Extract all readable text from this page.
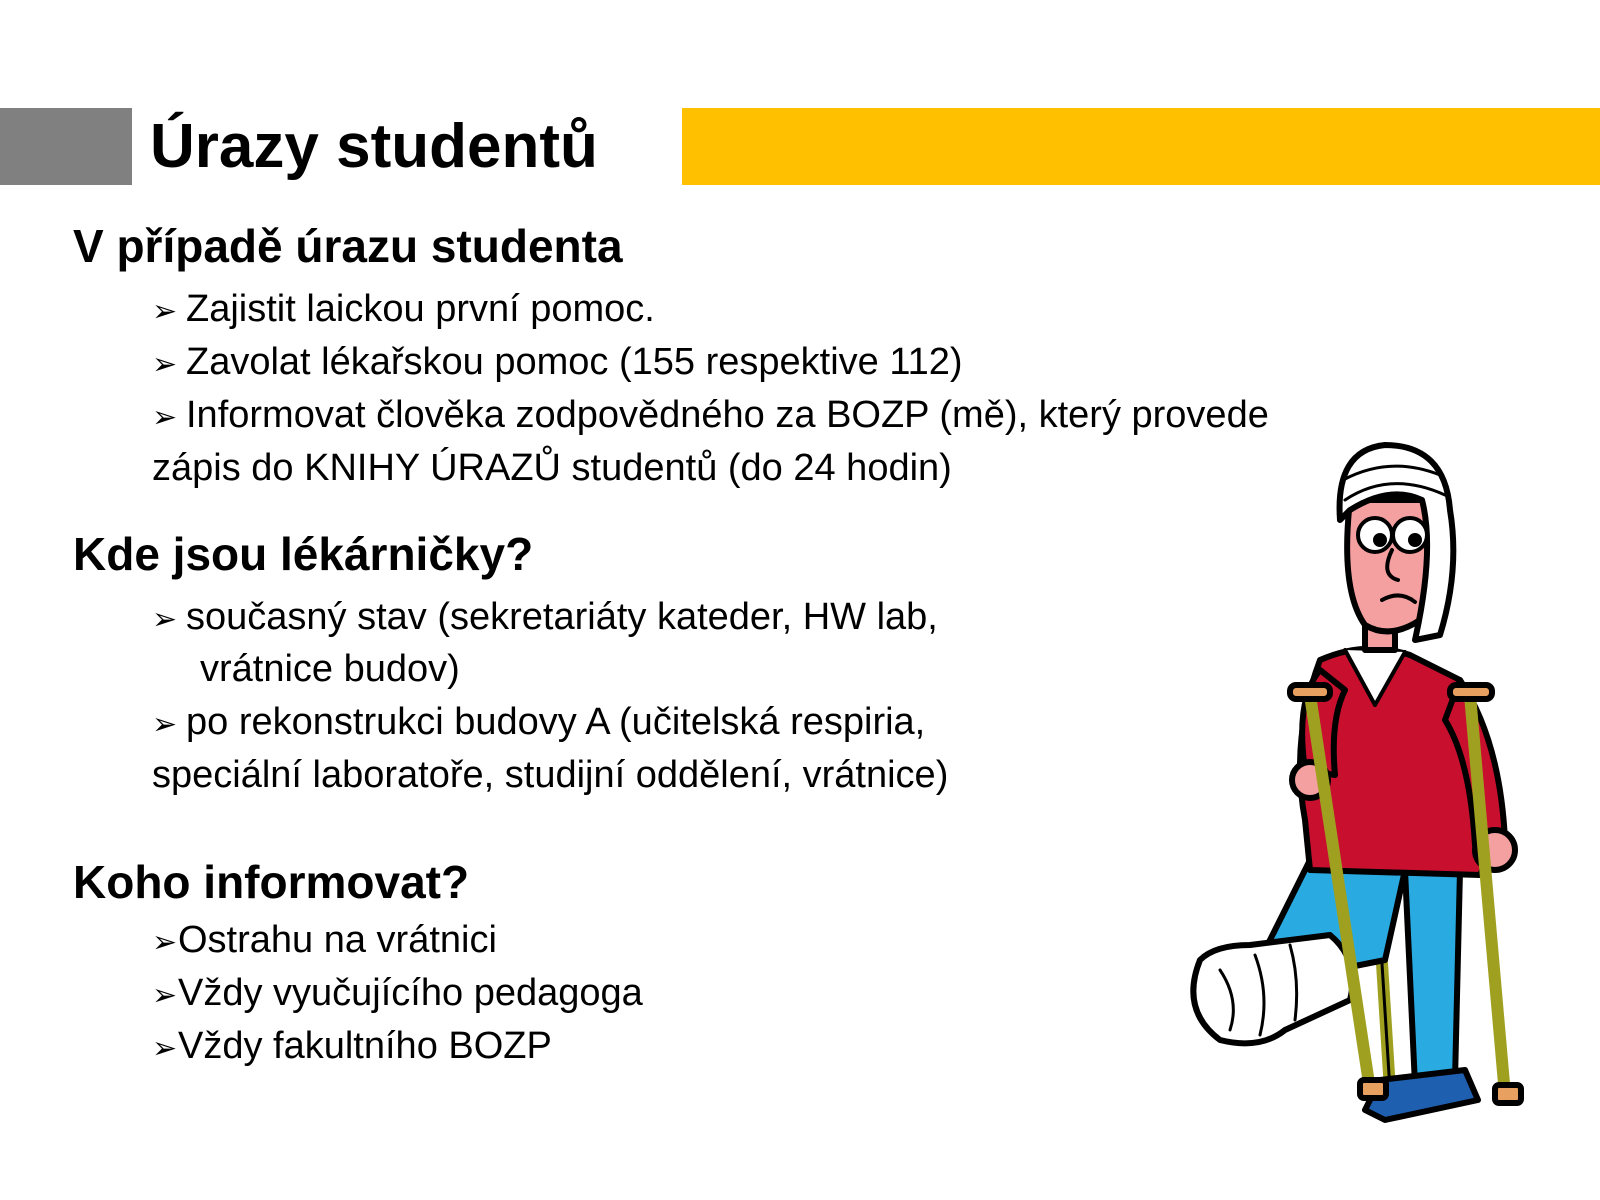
Úrazy studentů
V případě úrazu studenta
➢ Zajistit laickou první pomoc.
➢ Zavolat lékařskou pomoc (155 respektive 112)
➢ Informovat člověka zodpovědného za BOZP (mě), který provede
zápis do KNIHY ÚRAZŮ studentů (do 24 hodin)
Kde jsou lékárničky?
➢ současný stav (sekretariáty kateder, HW lab,
vrátnice budov)
➢ po rekonstrukci budovy A (učitelská respiria,
speciální laboratoře, studijní oddělení, vrátnice)
Koho informovat?
➢Ostrahu na vrátnici
➢Vždy vyučujícího pedagoga
➢Vždy fakultního BOZP
